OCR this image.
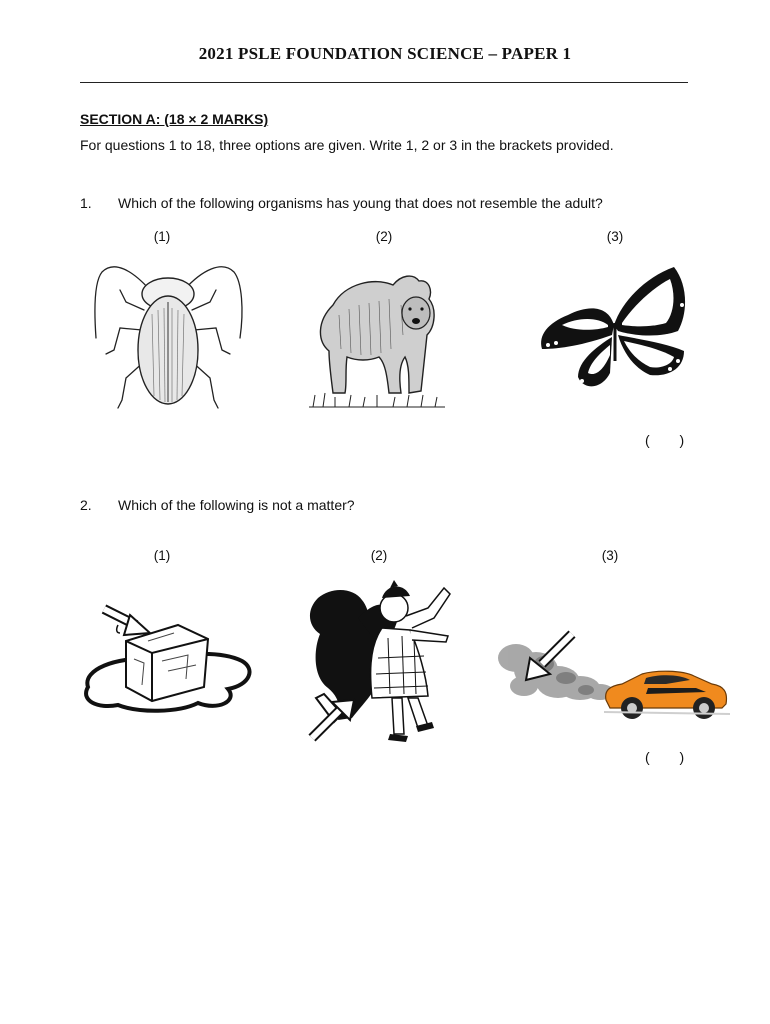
2021 PSLE FOUNDATION SCIENCE – PAPER 1
SECTION A: (18 × 2 MARKS)
For questions 1 to 18, three options are given. Write 1, 2 or 3 in the brackets provided.
1. Which of the following organisms has young that does not resemble the adult?
(1)	(2)	(3)
( )
2. Which of the following is not a matter?
(1)	(2)	(3)
( )
